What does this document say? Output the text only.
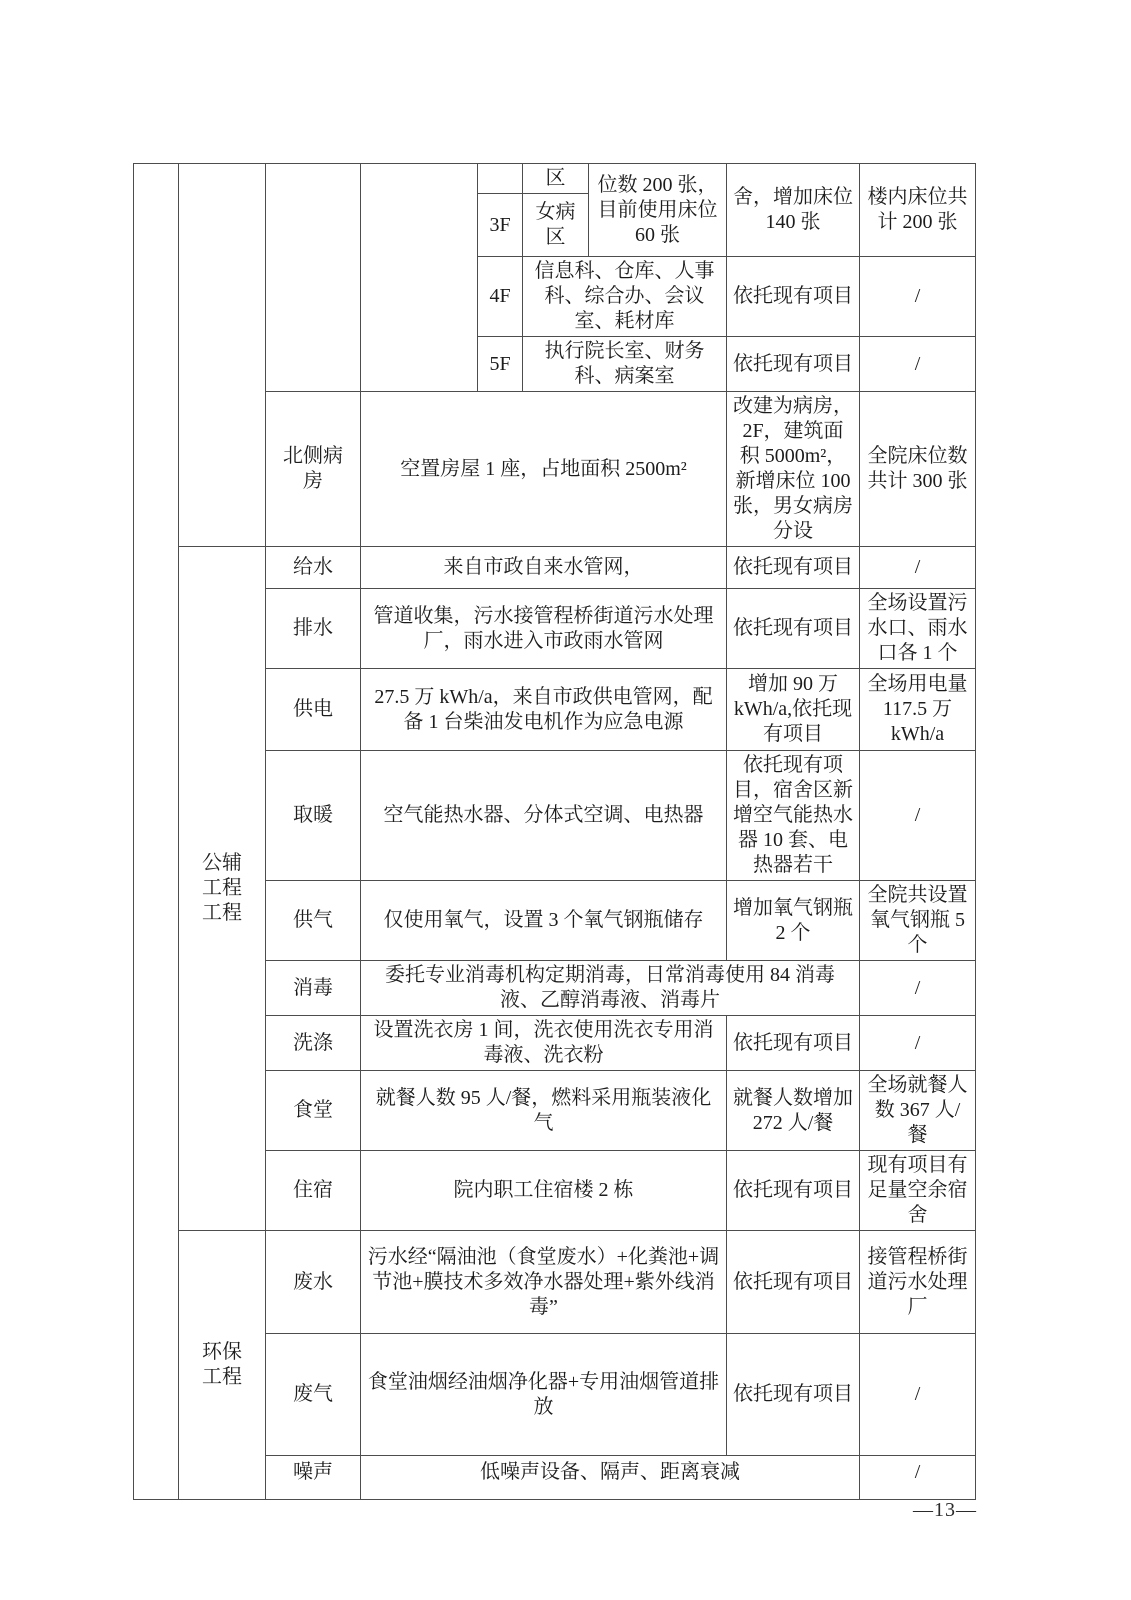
					区	位数 200 张，目前使用床位 60 张	舍，增加床位 140 张	楼内床位共计 200 张
				3F	女病区			
				4F	信息科、仓库、人事科、综合办、会议室、耗材库		依托现有项目	/
				5F	执行院长室、财务科、病案室		依托现有项目	/
		北侧病房	空置房屋 1 座，占地面积 2500m²				改建为病房，2F，建筑面积 5000m²，新增床位 100 张，男女病房分设	全院床位数共计 300 张
	公辅工程工程	给水	来自市政自来水管网，				依托现有项目	/
		排水	管道收集，污水接管程桥街道污水处理厂，雨水进入市政雨水管网				依托现有项目	全场设置污水口、雨水口各 1 个
		供电	27.5 万 kWh/a，来自市政供电管网，配备 1 台柴油发电机作为应急电源				增加 90 万 kWh/a,依托现有项目	全场用电量 117.5 万 kWh/a
		取暖	空气能热水器、分体式空调、电热器				依托现有项目，宿舍区新增空气能热水器 10 套、电热器若干	/
		供气	仅使用氧气，设置 3 个氧气钢瓶储存				增加氧气钢瓶 2 个	全院共设置氧气钢瓶 5 个
		消毒	委托专业消毒机构定期消毒，日常消毒使用 84 消毒液、乙醇消毒液、消毒片					/
		洗涤	设置洗衣房 1 间，洗衣使用洗衣专用消毒液、洗衣粉				依托现有项目	/
		食堂	就餐人数 95 人/餐，燃料采用瓶装液化气				就餐人数增加 272 人/餐	全场就餐人数 367 人/餐
		住宿	院内职工住宿楼 2 栋				依托现有项目	现有项目有足量空余宿舍
	环保工程	废水	污水经“隔油池（食堂废水）+化粪池+调节池+膜技术多效净水器处理+紫外线消毒”				依托现有项目	接管程桥街道污水处理厂
		废气	食堂油烟经油烟净化器+专用油烟管道排放				依托现有项目	/
		噪声	低噪声设备、隔声、距离衰减					/
—13—
